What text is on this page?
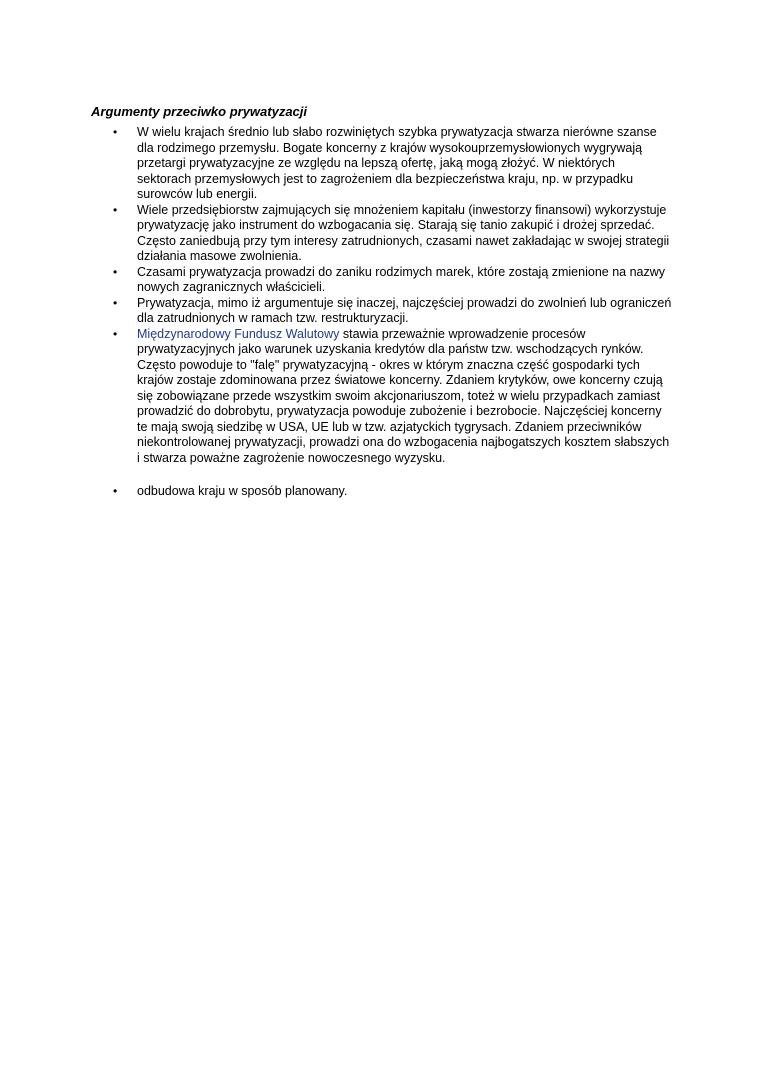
Argumenty przeciwko prywatyzacji
• W wielu krajach średnio lub słabo rozwiniętych szybka prywatyzacja stwarza nierówne szanse dla rodzimego przemysłu. Bogate koncerny z krajów wysokouprzemysłowionych wygrywają przetargi prywatyzacyjne ze względu na lepszą ofertę, jaką mogą złożyć. W niektórych sektorach przemysłowych jest to zagrożeniem dla bezpieczeństwa kraju, np. w przypadku surowców lub energii.
• Wiele przedsiębiorstw zajmujących się mnożeniem kapitału (inwestorzy finansowi) wykorzystuje prywatyzację jako instrument do wzbogacania się. Starają się tanio zakupić i drożej sprzedać. Często zaniedbują przy tym interesy zatrudnionych, czasami nawet zakładając w swojej strategii działania masowe zwolnienia.
• Czasami prywatyzacja prowadzi do zaniku rodzimych marek, które zostają zmienione na nazwy nowych zagranicznych właścicieli.
• Prywatyzacja, mimo iż argumentuje się inaczej, najczęściej prowadzi do zwolnień lub ograniczeń dla zatrudnionych w ramach tzw. restrukturyzacji.
• Międzynarodowy Fundusz Walutowy stawia przeważnie wprowadzenie procesów prywatyzacyjnych jako warunek uzyskania kredytów dla państw tzw. wschodzących rynków. Często powoduje to "falę" prywatyzacyjną - okres w którym znaczna część gospodarki tych krajów zostaje zdominowana przez światowe koncerny. Zdaniem krytyków, owe koncerny czują się zobowiązane przede wszystkim swoim akcjonariuszom, toteż w wielu przypadkach zamiast prowadzić do dobrobytu, prywatyzacja powoduje zubożenie i bezrobocie. Najczęściej koncerny te mają swoją siedzibę w USA, UE lub w tzw. azjatyckich tygrysach. Zdaniem przeciwników niekontrolowanej prywatyzacji, prowadzi ona do wzbogacenia najbogatszych kosztem słabszych i stwarza poważne zagrożenie nowoczesnego wyzysku.
• odbudowa kraju w sposób planowany.
